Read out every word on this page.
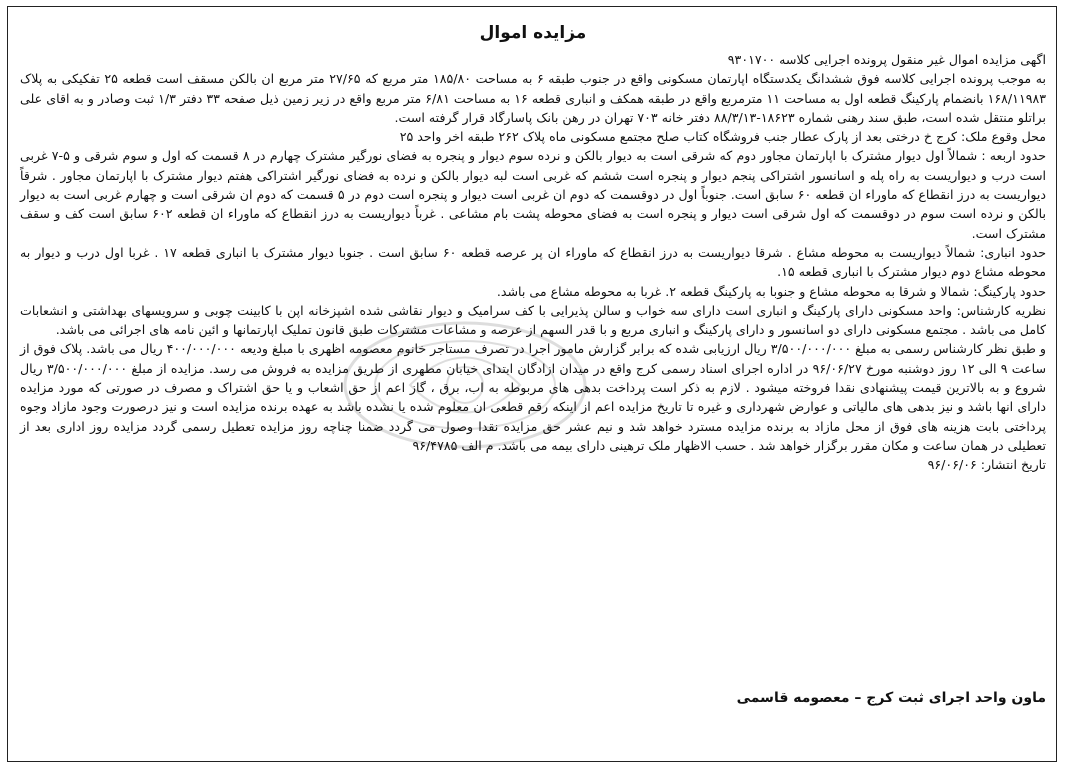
مزایده اموال

اگهی مزایده اموال غیر منقول پرونده اجرایی کلاسه ۹۳۰۱۷۰۰

به موجب پرونده اجرایی کلاسه فوق ششدانگ یکدستگاه اپارتمان مسکونی واقع در جنوب طبقه ۶ به مساحت ۱۸۵/۸۰ متر مربع که ۲۷/۶۵ متر مربع ان بالکن مسقف است قطعه ۲۵ تفکیکی به پلاک ۱۶۸/۱۱۹۸۳ بانضمام پارکینگ قطعه اول به مساحت ۱۱ مترمربع واقع در طبقه همکف و انباری قطعه ۱۶ به مساحت ۶/۸۱ متر مربع واقع در زیر زمین ذیل صفحه ۳۳ دفتر ۱/۳ ثبت وصادر و به اقای علی براتلو منتقل شده است، طبق سند رهنی شماره ۱۸۶۲۳-۸۸/۳/۱۳ دفتر خانه ۷۰۳ تهران در رهن بانک پاسارگاد قرار گرفته است.

محل وقوع ملک: کرج خ درختی بعد از پارک عطار جنب فروشگاه کتاب صلح مجتمع مسکونی ماه پلاک ۲۶۲ طبقه اخر واحد ۲۵

حدود اربعه : شمالاً اول دیوار مشترک با اپارتمان مجاور دوم که شرقی است به دیوار بالکن و نرده سوم دیوار و پنجره به فضای نورگیر مشترک چهارم در ۸ قسمت که اول و سوم شرقی و ۵-۷ غربی است درب و دیواریست به راه پله و اسانسور اشتراکی پنجم دیوار و پنجره است ششم که غربی است لبه دیوار بالکن و نرده به فضای نورگیر اشتراکی هفتم دیوار مشترک با اپارتمان مجاور . شرقاً دیواریست به درز انقطاع که ماوراء ان قطعه ۶۰ سابق است. جنوباً اول در دوقسمت که دوم ان غربی است دیوار و پنجره است دوم در ۵ قسمت که دوم ان شرقی است و چهارم غربی است به دیوار بالکن و نرده است سوم در دوقسمت که اول شرقی است دیوار و پنجره است به فضای محوطه پشت بام مشاعی . غرباً دیواریست به درز انقطاع که ماوراء ان قطعه ۶۰۲ سابق است کف و سقف مشترک است.

حدود انباری: شمالاً دیواریست به محوطه مشاع . شرقا دیواریست به درز انقطاع که ماوراء ان پر عرصه قطعه ۶۰ سابق است . جنوبا دیوار مشترک با انباری قطعه ۱۷ . غربا اول درب و دیوار به محوطه مشاع دوم دیوار مشترک با انباری قطعه ۱۵.

حدود پارکینگ: شمالا و شرقا به محوطه مشاع و جنوبا به پارکینگ قطعه ۲. غربا به محوطه مشاع می باشد.

نظریه کارشناس: واحد مسکونی دارای پارکینگ و انباری است دارای سه خواب و سالن پذیرایی با کف سرامیک و دیوار نقاشی شده اشپزخانه اپن با کابینت چوبی و سرویسهای بهداشتی و انشعابات کامل می باشد . مجتمع مسکونی دارای دو اسانسور و دارای پارکینگ و انباری مربع و با قدر السهم از عرصه و مشاعات مشترکات طبق قانون تملیک اپارتمانها و ائین نامه های اجرائی می باشد.

و طبق نظر کارشناس رسمی به مبلغ ۳/۵۰۰/۰۰۰/۰۰۰ ریال ارزیابی شده که برابر گزارش مامور اجرا در تصرف مستاجر خانوم معصومه اظهری با مبلغ ودیعه ۴۰۰/۰۰۰/۰۰۰ ریال می باشد. پلاک فوق از ساعت ۹ الی ۱۲ روز دوشنبه مورخ ۹۶/۰۶/۲۷ در اداره اجرای اسناد رسمی کرج واقع در میدان ازادگان ابتدای خیابان مطهری از طریق مزایده به فروش می رسد. مزایده از مبلغ ۳/۵۰۰/۰۰۰/۰۰۰ ریال شروع و به بالاترین قیمت پیشنهادی نقدا فروخته میشود . لازم به ذکر است پرداخت بدهی های مربوطه به اب، برق ، گاز اعم از حق اشعاب و یا حق اشتراک و مصرف در صورتی که مورد مزایده دارای انها باشد و نیز بدهی های مالیاتی و عوارض شهرداری و غیره تا تاریخ مزایده اعم از اینکه رقم قطعی ان معلوم شده یا نشده باشد به عهده برنده مزایده است و نیز درصورت وجود مازاد وجوه پرداختی بابت هزینه های فوق از محل مازاد به برنده مزایده مسترد خواهد شد و نیم عشر حق مزایده نقدا وصول می گردد ضمنا چناچه روز مزایده تعطیل رسمی گردد مزایده روز اداری بعد از تعطیلی در همان ساعت و مکان مقرر برگزار خواهد شد . حسب الاظهار ملک ترهینی دارای بیمه می باشد. م الف ۹۶/۴۷۸۵

تاریخ انتشار: ۹۶/۰۶/۰۶

ماون واحد اجرای ثبت کرج – معصومه قاسمی
